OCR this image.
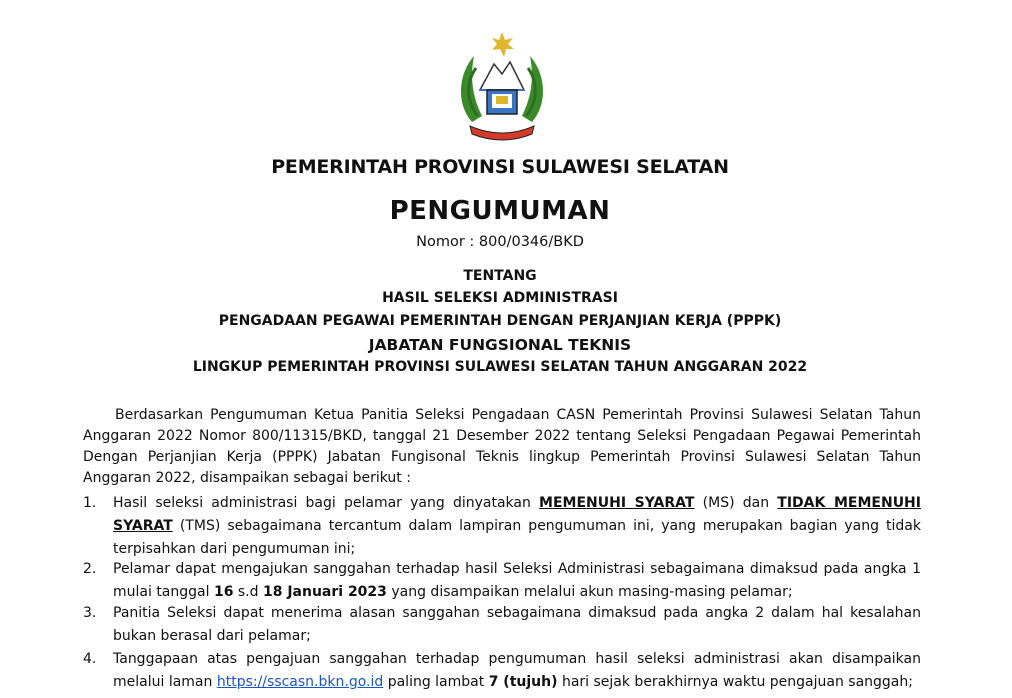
PEMERINTAH PROVINSI SULAWESI SELATAN
PENGUMUMAN
Nomor : 800/0346/BKD
TENTANG
HASIL SELEKSI ADMINISTRASI
PENGADAAN PEGAWAI PEMERINTAH DENGAN PERJANJIAN KERJA (PPPK)
JABATAN FUNGSIONAL TEKNIS
LINGKUP PEMERINTAH PROVINSI SULAWESI SELATAN TAHUN ANGGARAN 2022
Berdasarkan Pengumuman Ketua Panitia Seleksi Pengadaan CASN Pemerintah Provinsi Sulawesi Selatan Tahun Anggaran 2022 Nomor 800/11315/BKD, tanggal 21 Desember 2022 tentang Seleksi Pengadaan Pegawai Pemerintah Dengan Perjanjian Kerja (PPPK) Jabatan Fungisonal Teknis lingkup Pemerintah Provinsi Sulawesi Selatan Tahun Anggaran 2022, disampaikan sebagai berikut :
1.	Hasil seleksi administrasi bagi pelamar yang dinyatakan MEMENUHI SYARAT (MS) dan TIDAK MEMENUHI SYARAT (TMS) sebagaimana tercantum dalam lampiran pengumuman ini, yang merupakan bagian yang tidak terpisahkan dari pengumuman ini;
2.	Pelamar dapat mengajukan sanggahan terhadap hasil Seleksi Administrasi sebagaimana dimaksud pada angka 1 mulai tanggal 16 s.d 18 Januari 2023 yang disampaikan melalui akun masing-masing pelamar;
3.	Panitia Seleksi dapat menerima alasan sanggahan sebagaimana dimaksud pada angka 2 dalam hal kesalahan bukan berasal dari pelamar;
4.	Tanggapaan atas pengajuan sanggahan terhadap pengumuman hasil seleksi administrasi akan disampaikan melalui laman https://sscasn.bkn.go.id paling lambat 7 (tujuh) hari sejak berakhirnya waktu pengajuan sanggah;
